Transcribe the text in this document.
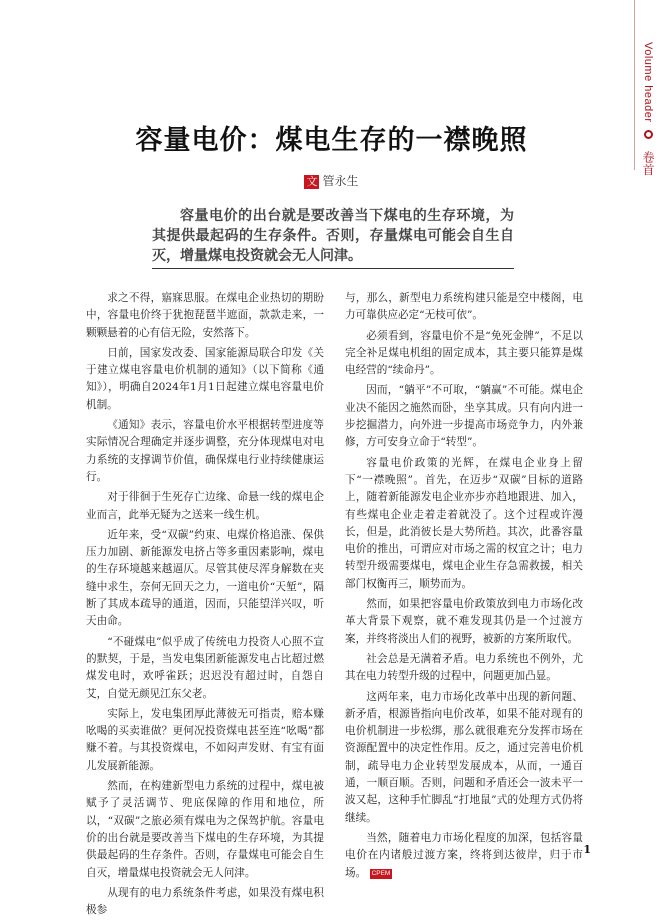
Volume header  卷首
容量电价：煤电生存的一襟晚照
文 管永生
容量电价的出台就是要改善当下煤电的生存环境，为其提供最起码的生存条件。否则，存量煤电可能会自生自灭，增量煤电投资就会无人问津。

求之不得，寤寐思服。在煤电企业热切的期盼中，容量电价终于犹抱琵琶半遮面，款款走来，一颗颗悬着的心有信无险，安然落下。

日前，国家发改委、国家能源局联合印发《关于建立煤电容量电价机制的通知》（以下简称《通知》），明确自2024年1月1日起建立煤电容量电价机制。

《通知》表示，容量电价水平根据转型进度等实际情况合理确定并逐步调整，充分体现煤电对电力系统的支撑调节价值，确保煤电行业持续健康运行。

对于徘徊于生死存亡边缘、命悬一线的煤电企业而言，此举无疑为之送来一线生机。

近年来，受“双碳”约束、电煤价格追涨、保供压力加剧、新能源发电挤占等多重因素影响，煤电的生存环境越来越逼仄。尽管其使尽浑身解数在夹缝中求生，奈何无回天之力，一道电价“天堑”，隔断了其成本疏导的通道，因而，只能望洋兴叹，听天由命。

“不碰煤电”似乎成了传统电力投资人心照不宣的默契，于是，当发电集团新能源发电占比超过燃煤发电时，欢呼雀跃；迟迟没有超过时，自怨自艾，自觉无颜见江东父老。

实际上，发电集团厚此薄彼无可指责，赔本赚吆喝的买卖谁做？更何况投资煤电甚至连“吆喝”都赚不着。与其投资煤电，不如闷声发财、有宝有面儿发展新能源。

然而，在构建新型电力系统的过程中，煤电被赋予了灵活调节、兜底保障的作用和地位，所以，“双碳”之旅必须有煤电为之保驾护航。容量电价的出台就是要改善当下煤电的生存环境，为其提供最起码的生存条件。否则，存量煤电可能会自生自灭，增量煤电投资就会无人问津。

从现有的电力系统条件考虑，如果没有煤电积极参

与，那么，新型电力系统构建只能是空中楼阁，电力可靠供应必定“无枝可依”。

必须看到，容量电价不是“免死金牌”，不足以完全补足煤电机组的固定成本，其主要只能算是煤电经营的“续命丹”。

因而，“躺平”不可取，“躺赢”不可能。煤电企业决不能因之施然而卧，坐享其成。只有向内进一步挖掘潜力，向外进一步提高市场竞争力，内外兼修，方可安身立命于“转型”。

容量电价政策的光辉，在煤电企业身上留下“一襟晚照”。首先，在迈步“双碳”目标的道路上，随着新能源发电企业亦步亦趋地跟进、加入，有些煤电企业走着走着就没了。这个过程或许漫长，但是，此消彼长是大势所趋。其次，此番容量电价的推出，可谓应对市场之需的权宜之计；电力转型升级需要煤电，煤电企业生存急需救援，相关部门权衡再三，顺势而为。

然而，如果把容量电价政策放到电力市场化改革大背景下观察，就不难发现其仍是一个过渡方案，并终将淡出人们的视野，被新的方案所取代。

社会总是无满着矛盾。电力系统也不例外，尤其在电力转型升级的过程中，问题更加凸显。

这两年来，电力市场化改革中出现的新问题、新矛盾，根源皆指向电价改革，如果不能对现有的电价机制进一步松绑，那么就很难充分发挥市场在资源配置中的决定性作用。反之，通过完善电价机制，疏导电力企业转型发展成本，从而，一通百通，一顺百顺。否则，问题和矛盾还会一波未平一波又起，这种手忙脚乱“打地鼠”式的处理方式仍将继续。

当然，随着电力市场化程度的加深，包括容量电价在内诸般过渡方案，终将到达彼岸，归于市场。 CPEM

1
